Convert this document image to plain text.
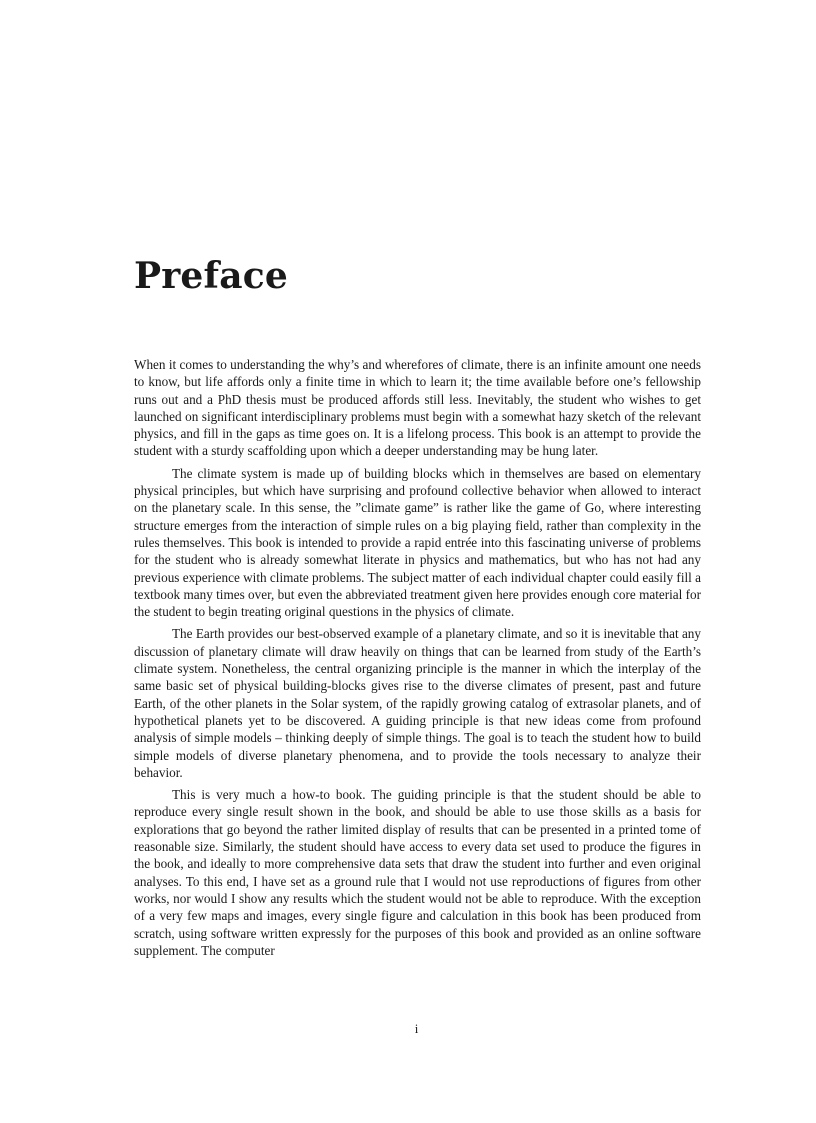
Preface

When it comes to understanding the why’s and wherefores of climate, there is an infinite amount one needs to know, but life affords only a finite time in which to learn it; the time available before one’s fellowship runs out and a PhD thesis must be produced affords still less. Inevitably, the student who wishes to get launched on significant interdisciplinary problems must begin with a somewhat hazy sketch of the relevant physics, and fill in the gaps as time goes on. It is a lifelong process. This book is an attempt to provide the student with a sturdy scaffolding upon which a deeper understanding may be hung later.

The climate system is made up of building blocks which in themselves are based on elementary physical principles, but which have surprising and profound collective behavior when allowed to interact on the planetary scale. In this sense, the ”climate game” is rather like the game of Go, where interesting structure emerges from the interaction of simple rules on a big playing field, rather than complexity in the rules themselves. This book is intended to provide a rapid entrée into this fascinating universe of problems for the student who is already somewhat literate in physics and mathematics, but who has not had any previous experience with climate problems. The subject matter of each individual chapter could easily fill a textbook many times over, but even the abbreviated treatment given here provides enough core material for the student to begin treating original questions in the physics of climate.

The Earth provides our best-observed example of a planetary climate, and so it is inevitable that any discussion of planetary climate will draw heavily on things that can be learned from study of the Earth’s climate system. Nonetheless, the central organizing principle is the manner in which the interplay of the same basic set of physical building-blocks gives rise to the diverse climates of present, past and future Earth, of the other planets in the Solar system, of the rapidly growing catalog of extrasolar planets, and of hypothetical planets yet to be discovered. A guiding principle is that new ideas come from profound analysis of simple models – thinking deeply of simple things. The goal is to teach the student how to build simple models of diverse planetary phenomena, and to provide the tools necessary to analyze their behavior.

This is very much a how-to book. The guiding principle is that the student should be able to reproduce every single result shown in the book, and should be able to use those skills as a basis for explorations that go beyond the rather limited display of results that can be presented in a printed tome of reasonable size. Similarly, the student should have access to every data set used to produce the figures in the book, and ideally to more comprehensive data sets that draw the student into further and even original analyses. To this end, I have set as a ground rule that I would not use reproductions of figures from other works, nor would I show any results which the student would not be able to reproduce. With the exception of a very few maps and images, every single figure and calculation in this book has been produced from scratch, using software written expressly for the purposes of this book and provided as an online software supplement. The computer

i
